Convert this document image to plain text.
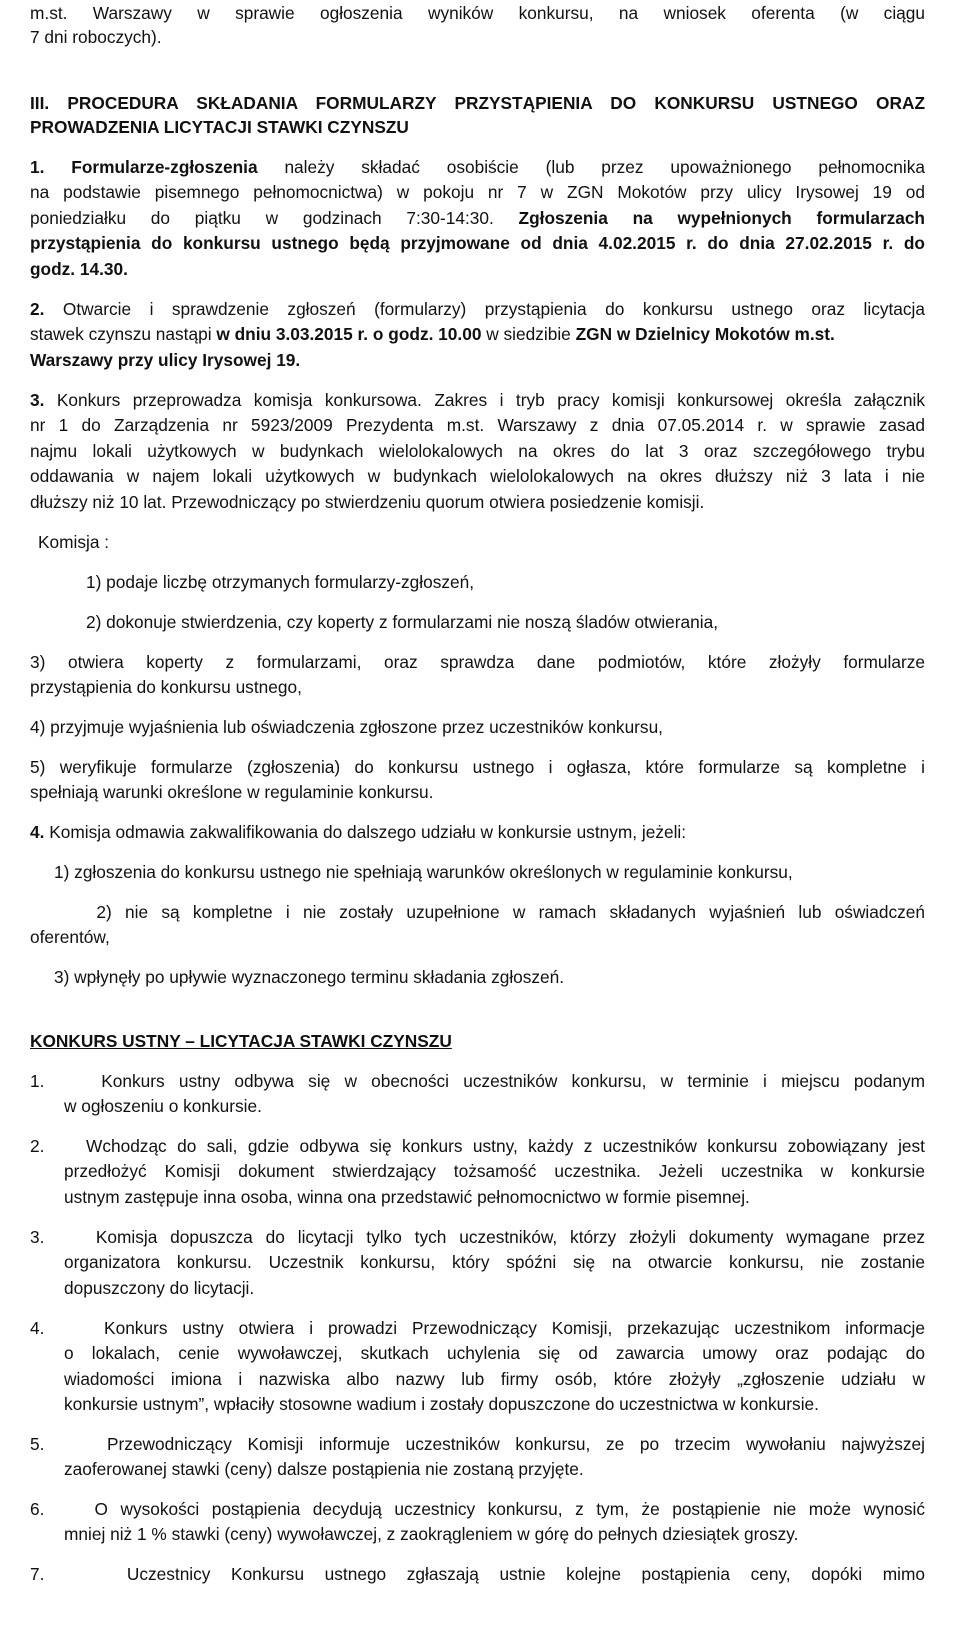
m.st. Warszawy w sprawie ogłoszenia wyników konkursu, na wniosek oferenta (w ciągu
7 dni roboczych).
III. PROCEDURA SKŁADANIA FORMULARZY PRZYSTĄPIENIA DO KONKURSU USTNEGO ORAZ
PROWADZENIA LICYTACJI STAWKI CZYNSZU
1. Formularze-zgłoszenia należy składać osobiście (lub przez upoważnionego pełnomocnika
na podstawie pisemnego pełnomocnictwa) w pokoju nr 7 w ZGN Mokotów przy ulicy Irysowej 19 od
poniedziałku do piątku w godzinach 7:30-14:30. Zgłoszenia na wypełnionych formularzach
przystąpienia do konkursu ustnego będą przyjmowane od dnia 4.02.2015 r. do dnia 27.02.2015 r. do
godz. 14.30.
2. Otwarcie i sprawdzenie zgłoszeń (formularzy) przystąpienia do konkursu ustnego oraz licytacja
stawek czynszu nastąpi w dniu 3.03.2015 r. o godz. 10.00 w siedzibie ZGN w Dzielnicy Mokotów m.st.
Warszawy przy ulicy Irysowej 19.
3. Konkurs przeprowadza komisja konkursowa. Zakres i tryb pracy komisji konkursowej określa załącznik
nr 1 do Zarządzenia nr 5923/2009 Prezydenta m.st. Warszawy z dnia 07.05.2014 r. w sprawie zasad
najmu lokali użytkowych w budynkach wielolokalowych na okres do lat 3 oraz szczegółowego trybu
oddawania w najem lokali użytkowych w budynkach wielolokalowych na okres dłuższy niż 3 lata i nie
dłuższy niż 10 lat. Przewodniczący po stwierdzeniu quorum otwiera posiedzenie komisji.
Komisja :
1) podaje liczbę otrzymanych formularzy-zgłoszeń,
2) dokonuje stwierdzenia, czy koperty z formularzami nie noszą śladów otwierania,
3) otwiera koperty z formularzami, oraz sprawdza dane podmiotów, które złożyły formularze
przystąpienia do konkursu ustnego,
4) przyjmuje wyjaśnienia lub oświadczenia zgłoszone przez uczestników konkursu,
5) weryfikuje formularze (zgłoszenia) do konkursu ustnego i ogłasza, które formularze są kompletne i
spełniają warunki określone w regulaminie konkursu.
4. Komisja odmawia zakwalifikowania do dalszego udziału w konkursie ustnym, jeżeli:
1) zgłoszenia do konkursu ustnego nie spełniają warunków określonych w regulaminie konkursu,
2) nie są kompletne i nie zostały uzupełnione w ramach składanych wyjaśnień lub oświadczeń
oferentów,
3) wpłynęły po upływie wyznaczonego terminu składania zgłoszeń.
KONKURS USTNY – LICYTACJA STAWKI CZYNSZU
1.    Konkurs ustny odbywa się w obecności uczestników konkursu, w terminie i miejscu podanym
w ogłoszeniu o konkursie.
2.    Wchodząc do sali, gdzie odbywa się konkurs ustny, każdy z uczestników konkursu zobowiązany jest
przedłożyć Komisji dokument stwierdzający tożsamość uczestnika. Jeżeli uczestnika w konkursie
ustnym zastępuje inna osoba, winna ona przedstawić pełnomocnictwo w formie pisemnej.
3.    Komisja dopuszcza do licytacji tylko tych uczestników, którzy złożyli dokumenty wymagane przez
organizatora konkursu. Uczestnik konkursu, który spóźni się na otwarcie konkursu, nie zostanie
dopuszczony do licytacji.
4.    Konkurs ustny otwiera i prowadzi Przewodniczący Komisji, przekazując uczestnikom informacje
o lokalach, cenie wywoławczej, skutkach uchylenia się od zawarcia umowy oraz podając do
wiadomości imiona i nazwiska albo nazwy lub firmy osób, które złożyły „zgłoszenie udziału w
konkursie ustnym”, wpłaciły stosowne wadium i zostały dopuszczone do uczestnictwa w konkursie.
5.    Przewodniczący Komisji informuje uczestników konkursu, ze po trzecim wywołaniu najwyższej
zaoferowanej stawki (ceny) dalsze postąpienia nie zostaną przyjęte.
6.    O wysokości postąpienia decydują uczestnicy konkursu, z tym, że postąpienie nie może wynosić
mniej niż 1 % stawki (ceny) wywoławczej, z zaokrągleniem w górę do pełnych dziesiątek groszy.
7.    Uczestnicy Konkursu ustnego zgłaszają ustnie kolejne postąpienia ceny, dopóki mimo
